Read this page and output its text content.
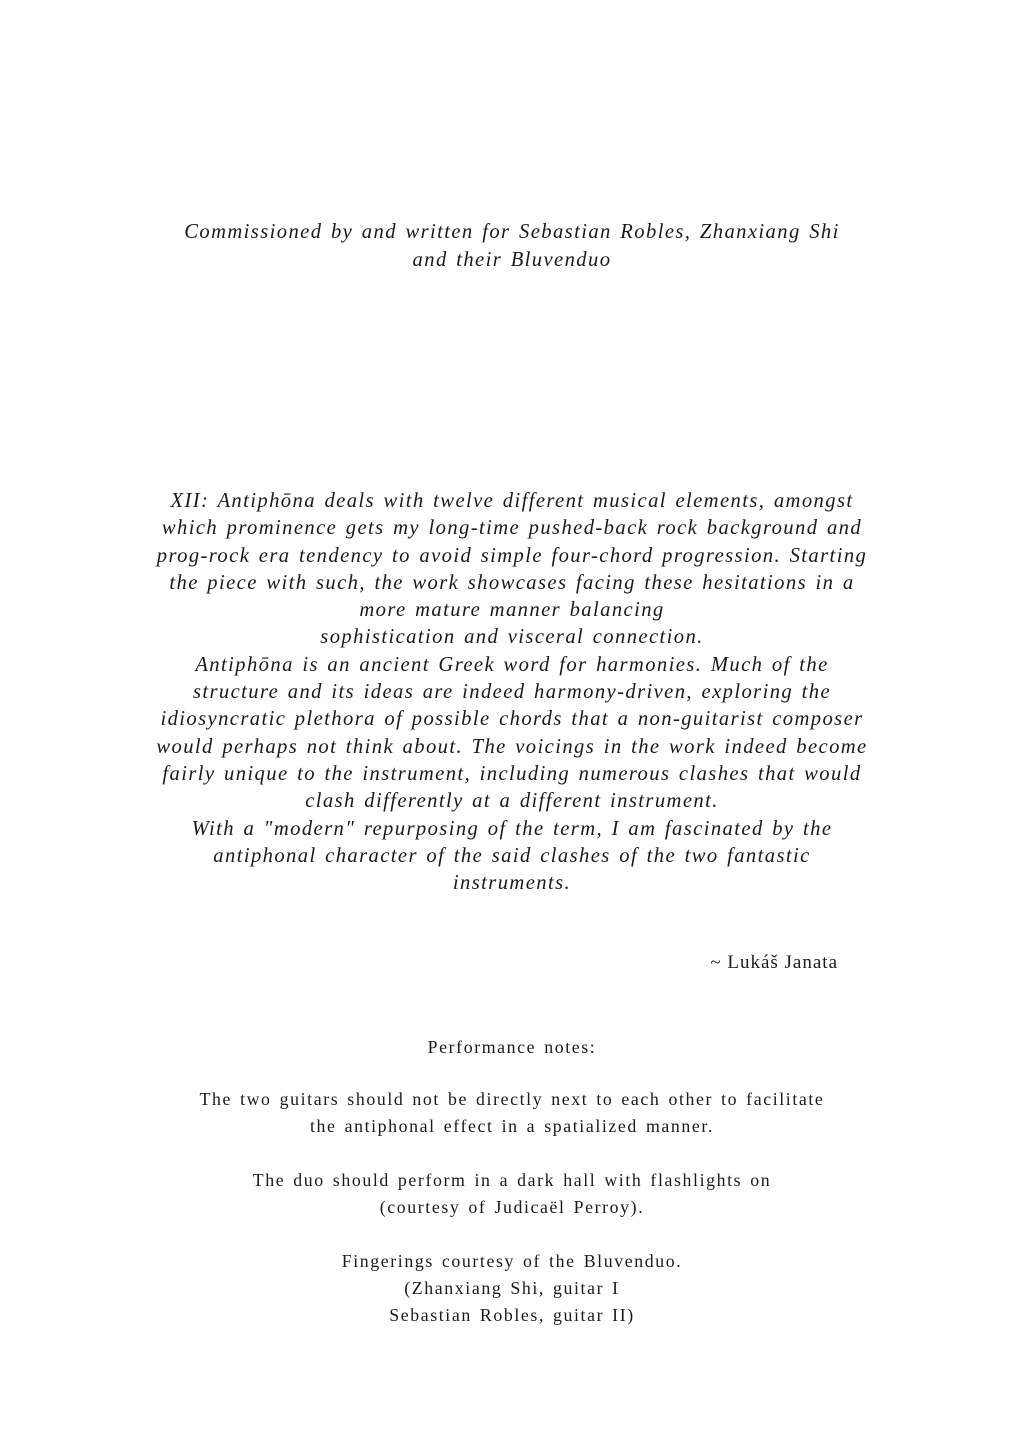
Commissioned by and written for Sebastian Robles, Zhanxiang Shi
and their Bluvenduo
XII: Antiphōna deals with twelve different musical elements, amongst
which prominence gets my long-time pushed-back rock background and
prog-rock era tendency to avoid simple four-chord progression. Starting
the piece with such, the work showcases facing these hesitations in a
more mature manner balancing
sophistication and visceral connection.
Antiphōna is an ancient Greek word for harmonies. Much of the
structure and its ideas are indeed harmony-driven, exploring the
idiosyncratic plethora of possible chords that a non-guitarist composer
would perhaps not think about. The voicings in the work indeed become
fairly unique to the instrument, including numerous clashes that would
clash differently at a different instrument.
With a "modern" repurposing of the term, I am fascinated by the
antiphonal character of the said clashes of the two fantastic
instruments.
~ Lukáš Janata
Performance notes:
The two guitars should not be directly next to each other to facilitate
the antiphonal effect in a spatialized manner.
The duo should perform in a dark hall with flashlights on
(courtesy of Judicaël Perroy).
Fingerings courtesy of the Bluvenduo.
(Zhanxiang Shi, guitar I
Sebastian Robles, guitar II)
